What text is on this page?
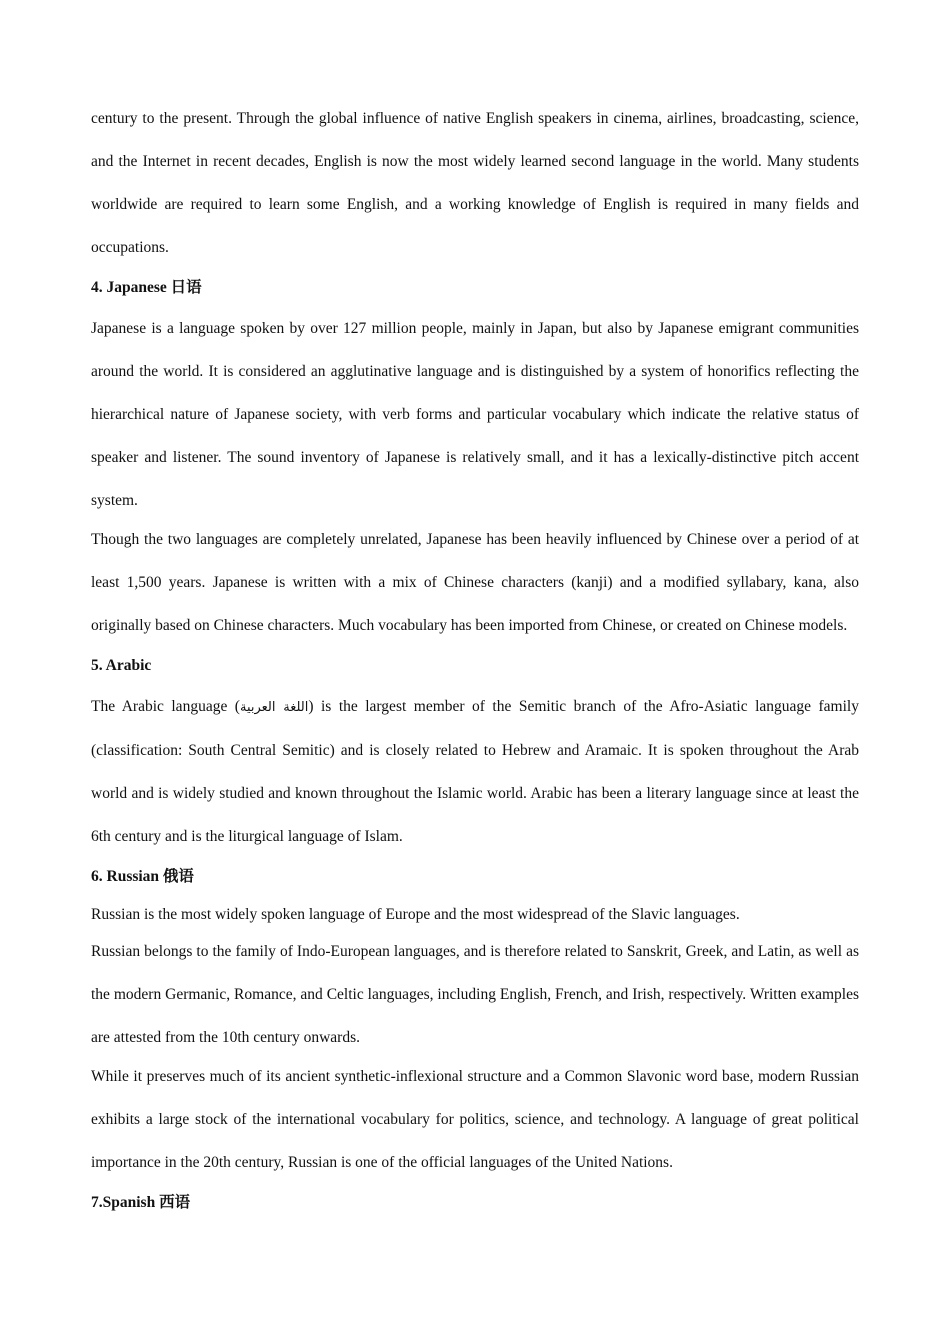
century to the present. Through the global influence of native English speakers in cinema, airlines, broadcasting, science, and the Internet in recent decades, English is now the most widely learned second language in the world. Many students worldwide are required to learn some English, and a working knowledge of English is required in many fields and occupations.

4. Japanese 日语

Japanese is a language spoken by over 127 million people, mainly in Japan, but also by Japanese emigrant communities around the world. It is considered an agglutinative language and is distinguished by a system of honorifics reflecting the hierarchical nature of Japanese society, with verb forms and particular vocabulary which indicate the relative status of speaker and listener. The sound inventory of Japanese is relatively small, and it has a lexically-distinctive pitch accent system.

Though the two languages are completely unrelated, Japanese has been heavily influenced by Chinese over a period of at least 1,500 years. Japanese is written with a mix of Chinese characters (kanji) and a modified syllabary, kana, also originally based on Chinese characters. Much vocabulary has been imported from Chinese, or created on Chinese models.

5. Arabic

The Arabic language (اللغة العربية) is the largest member of the Semitic branch of the Afro-Asiatic language family (classification: South Central Semitic) and is closely related to Hebrew and Aramaic. It is spoken throughout the Arab world and is widely studied and known throughout the Islamic world. Arabic has been a literary language since at least the 6th century and is the liturgical language of Islam.

6. Russian 俄语

Russian is the most widely spoken language of Europe and the most widespread of the Slavic languages.

Russian belongs to the family of Indo-European languages, and is therefore related to Sanskrit, Greek, and Latin, as well as the modern Germanic, Romance, and Celtic languages, including English, French, and Irish, respectively. Written examples are attested from the 10th century onwards.

While it preserves much of its ancient synthetic-inflexional structure and a Common Slavonic word base, modern Russian exhibits a large stock of the international vocabulary for politics, science, and technology. A language of great political importance in the 20th century, Russian is one of the official languages of the United Nations.

7.Spanish 西语
